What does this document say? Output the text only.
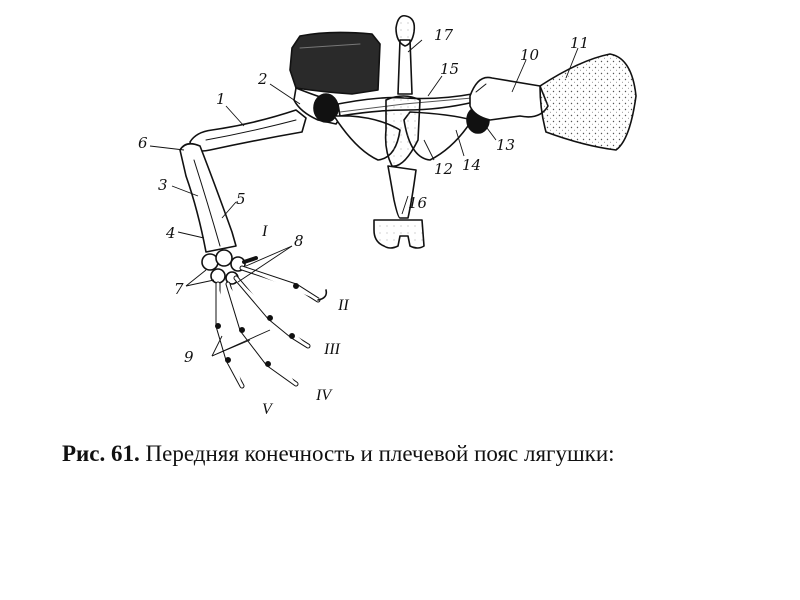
1
2
3
4
5
6
7
8
9
10
11
12
13
14
15
16
17
I
II
III
IV
V
Рис. 61. Передняя конечность и плечевой пояс лягушки:
